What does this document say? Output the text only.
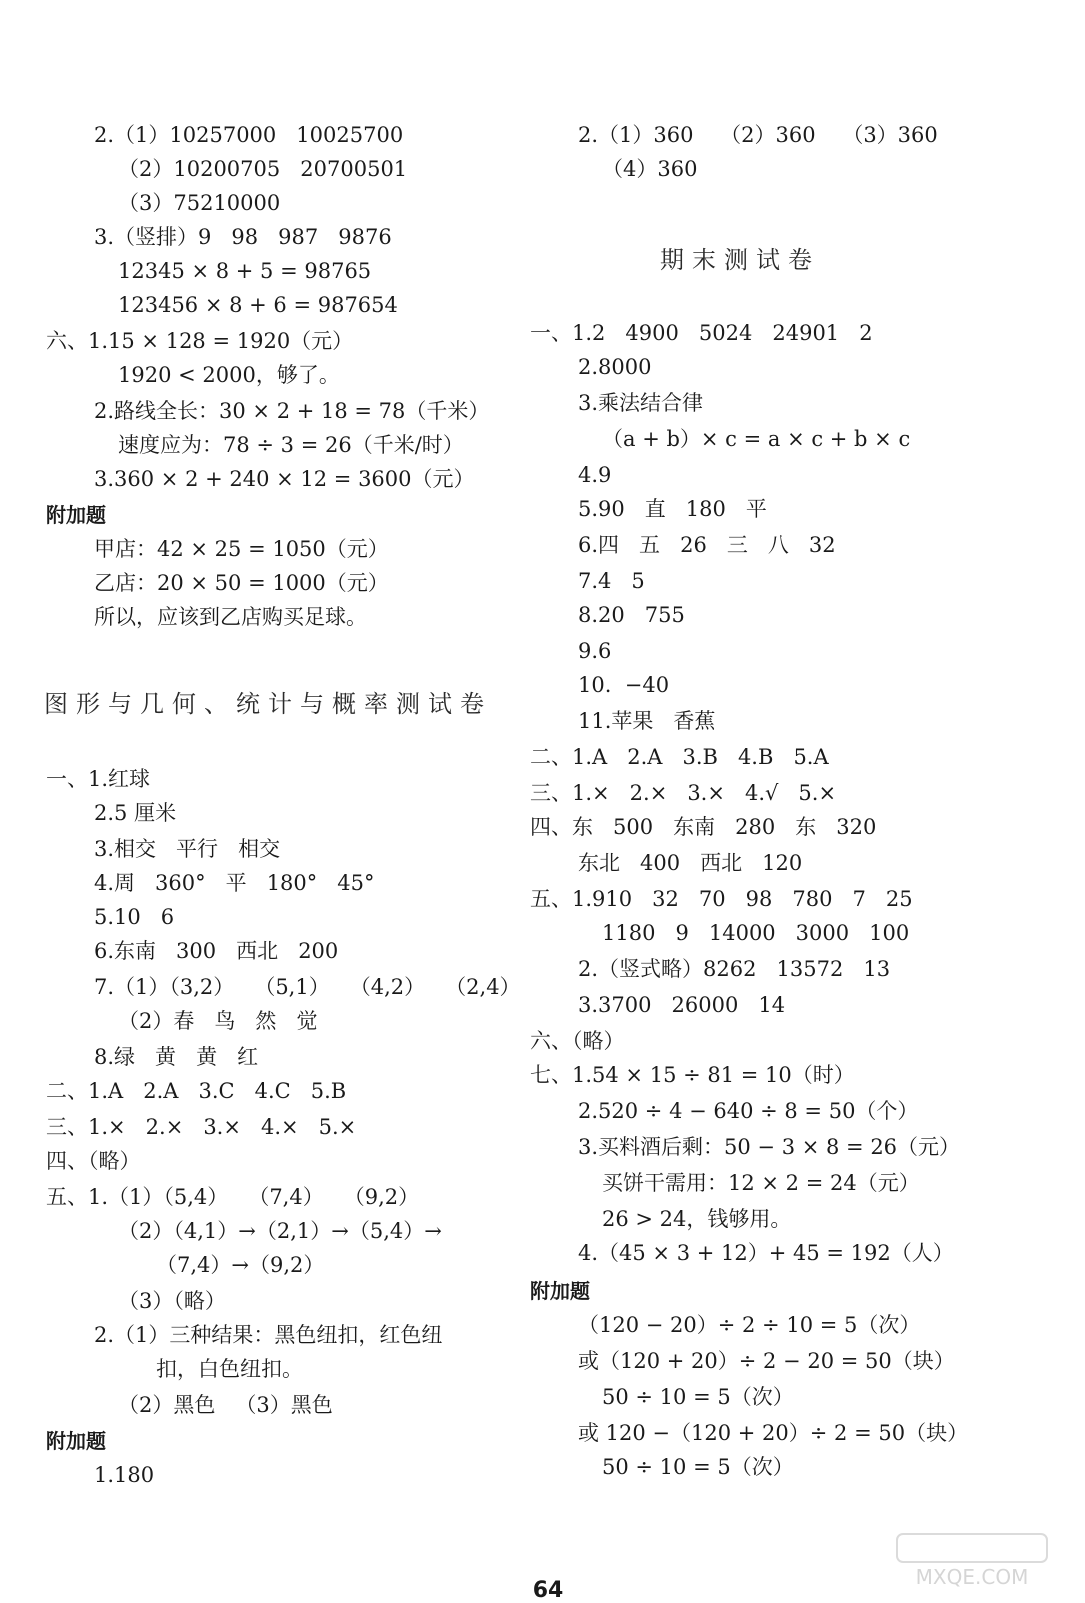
2.（1）10257000   10025700
（2）10200705   20700501
（3）75210000
3.（竖排）9   98   987   9876
12345 × 8 + 5 = 98765
123456 × 8 + 6 = 987654
六、1.15 × 128 = 1920（元）
1920 < 2000，够了。
2.路线全长：30 × 2 + 18 = 78（千米）
速度应为：78 ÷ 3 = 26（千米/时）
3.360 × 2 + 240 × 12 = 3600（元）
附加题
甲店：42 × 25 = 1050（元）
乙店：20 × 50 = 1000（元）
所以，应该到乙店购买足球。
一、1.红球
2.5 厘米
3.相交   平行   相交
4.周   360°   平   180°   45°
5.10   6
6.东南   300   西北   200
7.（1）（3,2）   （5,1）   （4,2）   （2,4）
（2）春   鸟   然   觉
8.绿   黄   黄   红
二、1.A   2.A   3.C   4.C   5.B
三、1.×   2.×   3.×   4.×   5.×
四、（略）
五、1.（1）（5,4）   （7,4）   （9,2）
（2）（4,1）→（2,1）→（5,4）→
（7,4）→（9,2）
（3）（略）
2.（1）三种结果：黑色纽扣，红色纽
扣，白色纽扣。
（2）黑色   （3）黑色
附加题
1.180
2.（1）360    （2）360    （3）360
（4）360
一、1.2   4900   5024   24901   2
2.8000
3.乘法结合律
（a + b）× c = a × c + b × c
4.9
5.90   直   180   平
6.四   五   26   三   八   32
7.4   5
8.20   755
9.6
10.  −40
11.苹果   香蕉
二、1.A   2.A   3.B   4.B   5.A
三、1.×   2.×   3.×   4.√   5.×
四、东   500   东南   280   东   320
东北   400   西北   120
五、1.910   32   70   98   780   7   25
1180   9   14000   3000   100
2.（竖式略）8262   13572   13
3.3700   26000   14
六、（略）
七、1.54 × 15 ÷ 81 = 10（时）
2.520 ÷ 4 − 640 ÷ 8 = 50（个）
3.买料酒后剩：50 − 3 × 8 = 26（元）
买饼干需用：12 × 2 = 24（元）
26 > 24，钱够用。
4.（45 × 3 + 12）+ 45 = 192（人）
附加题
（120 − 20）÷ 2 ÷ 10 = 5（次）
或（120 + 20）÷ 2 − 20 = 50（块）
50 ÷ 10 = 5（次）
或 120 −（120 + 20）÷ 2 = 50（块）
50 ÷ 10 = 5（次）
图形与几何、统计与概率测试卷
期末测试卷
64
MXQE.COM
